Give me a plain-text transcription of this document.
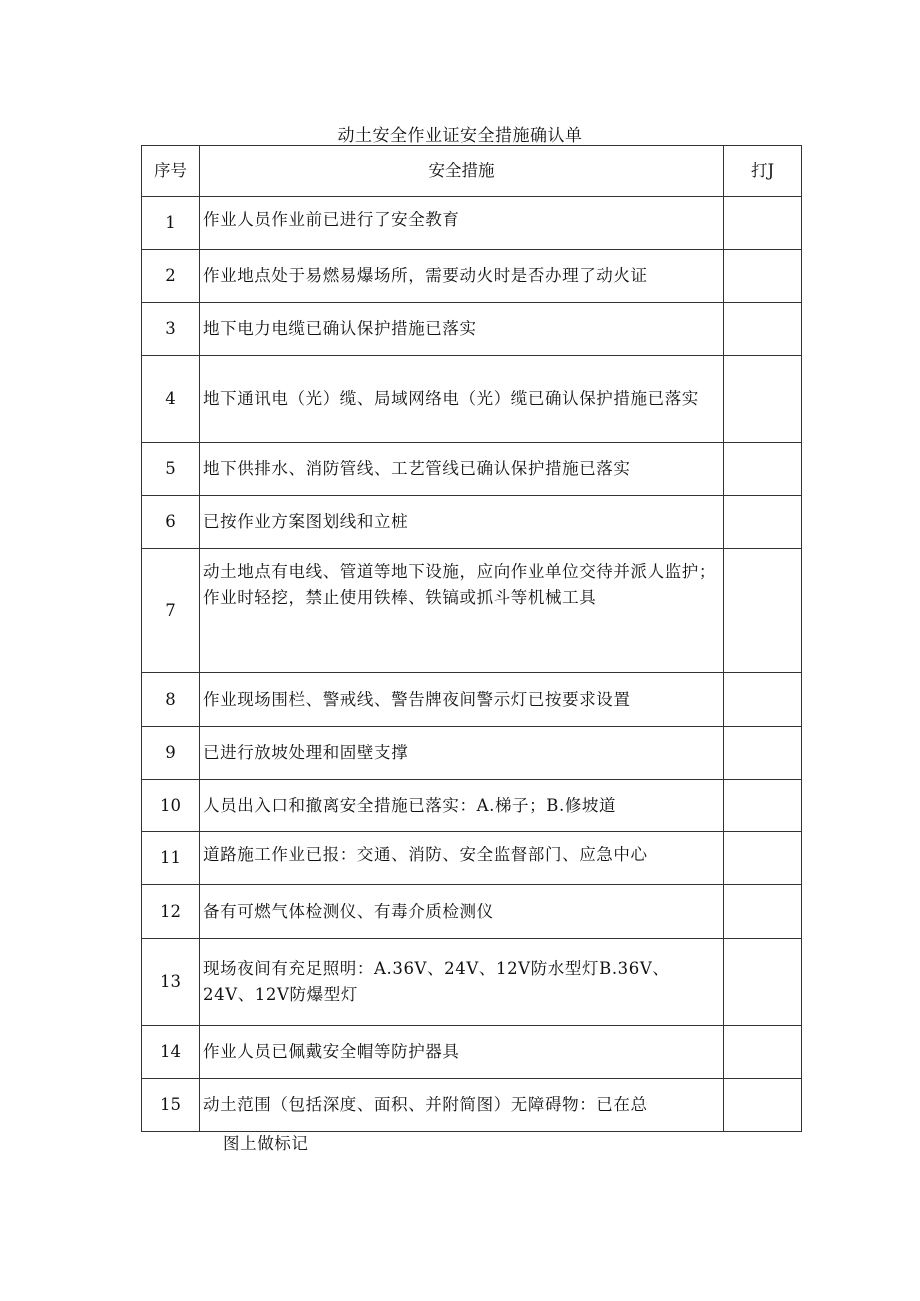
动土安全作业证安全措施确认单
序号	安全措施	打J
1	作业人员作业前已进行了安全教育	
2	作业地点处于易燃易爆场所，需要动火时是否办理了动火证	
3	地下电力电缆已确认保护措施已落实	
4	地下通讯电（光）缆、局域网络电（光）缆已确认保护措施已落实	
5	地下供排水、消防管线、工艺管线已确认保护措施已落实	
6	已按作业方案图划线和立桩	
7	动土地点有电线、管道等地下设施，应向作业单位交待并派人监护；作业时轻挖，禁止使用铁棒、铁镐或抓斗等机械工具	
8	作业现场围栏、警戒线、警告牌夜间警示灯已按要求设置	
9	已进行放坡处理和固壁支撑	
10	人员出入口和撤离安全措施已落实：A.梯子；B.修坡道	
11	道路施工作业已报：交通、消防、安全监督部门、应急中心	
12	备有可燃气体检测仪、有毒介质检测仪	
13	现场夜间有充足照明：A.36V、24V、12V防水型灯B.36V、24V、12V防爆型灯	
14	作业人员已佩戴安全帽等防护器具	
15	动土范围（包括深度、面积、并附简图）无障碍物：已在总	
图上做标记
